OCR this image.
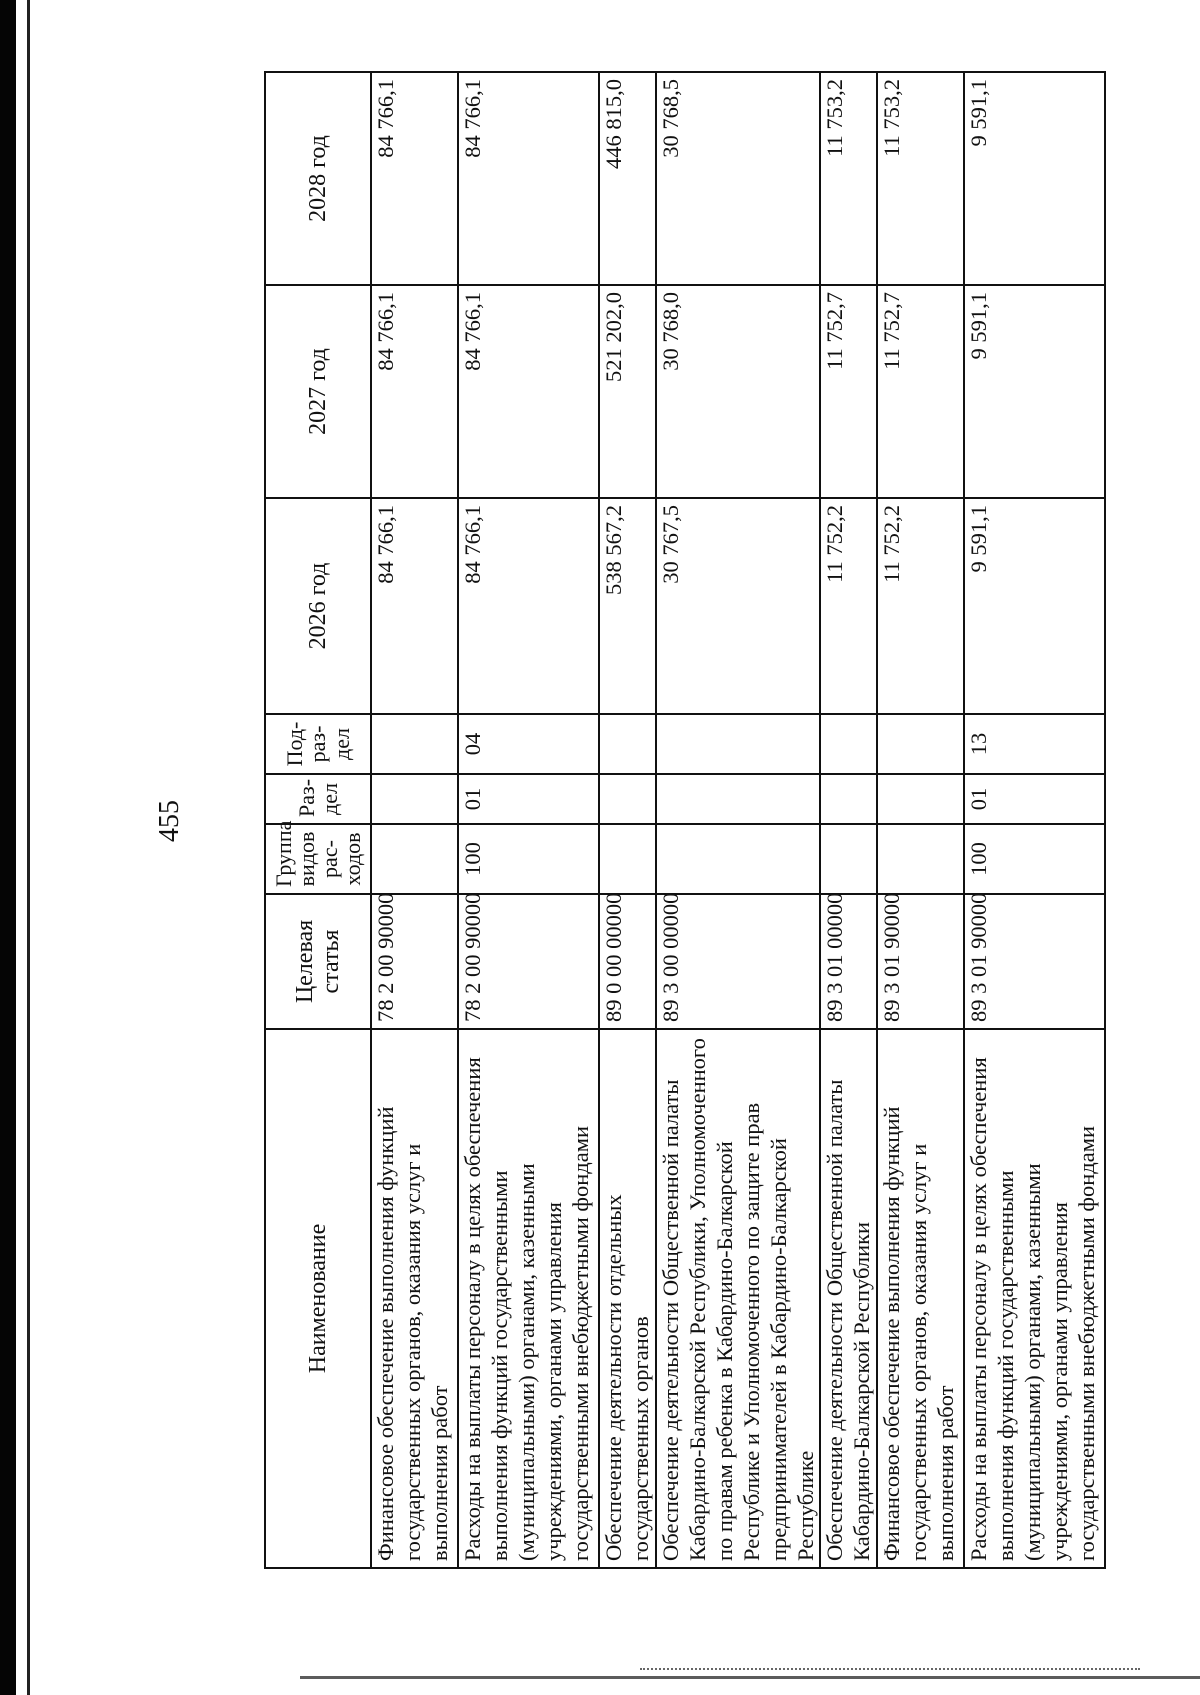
455
Наименование	Целевая статья	Группа видов рас-ходов	Раз-дел	Под-раз-дел	2026 год	2027 год	2028 год
Финансовое обеспечение выполнения функций государственных органов, оказания услуг и выполнения работ	78 2 00 90000				84 766,1	84 766,1	84 766,1
Расходы на выплаты персоналу в целях обеспечения выполнения функций государственными (муниципальными) органами, казенными учреждениями, органами управления государственными внебюджетными фондами	78 2 00 90000	100	01	04	84 766,1	84 766,1	84 766,1
Обеспечение деятельности отдельных государственных органов	89 0 00 00000				538 567,2	521 202,0	446 815,0
Обеспечение деятельности Общественной палаты Кабардино-Балкарской Республики, Уполномоченного по правам ребенка в Кабардино-Балкарской Республике и Уполномоченного по защите прав предпринимателей в Кабардино-Балкарской Республике	89 3 00 00000				30 767,5	30 768,0	30 768,5
Обеспечение деятельности Общественной палаты Кабардино-Балкарской Республики	89 3 01 00000				11 752,2	11 752,7	11 753,2
Финансовое обеспечение выполнения функций государственных органов, оказания услуг и выполнения работ	89 3 01 90000				11 752,2	11 752,7	11 753,2
Расходы на выплаты персоналу в целях обеспечения выполнения функций государственными (муниципальными) органами, казенными учреждениями, органами управления государственными внебюджетными фондами	89 3 01 90000	100	01	13	9 591,1	9 591,1	9 591,1
